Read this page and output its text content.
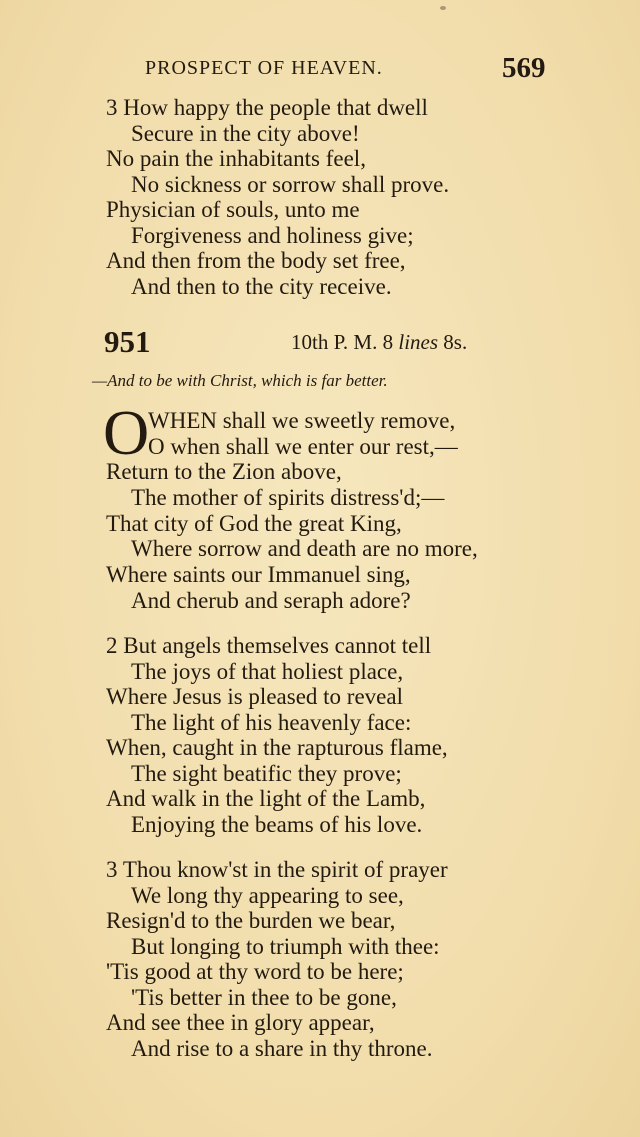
PROSPECT OF HEAVEN.	569
3 How happy the people that dwell
Secure in the city above!
No pain the inhabitants feel,
No sickness or sorrow shall prove.
Physician of souls, unto me
Forgiveness and holiness give;
And then from the body set free,
And then to the city receive.
951	10th P. M. 8 lines 8s.
—And to be with Christ, which is far better.
O
WHEN shall we sweetly remove,
O when shall we enter our rest,—
Return to the Zion above,
The mother of spirits distress'd;—
That city of God the great King,
Where sorrow and death are no more,
Where saints our Immanuel sing,
And cherub and seraph adore?
2 But angels themselves cannot tell
The joys of that holiest place,
Where Jesus is pleased to reveal
The light of his heavenly face:
When, caught in the rapturous flame,
The sight beatific they prove;
And walk in the light of the Lamb,
Enjoying the beams of his love.
3 Thou know'st in the spirit of prayer
We long thy appearing to see,
Resign'd to the burden we bear,
But longing to triumph with thee:
'Tis good at thy word to be here;
'Tis better in thee to be gone,
And see thee in glory appear,
And rise to a share in thy throne.
